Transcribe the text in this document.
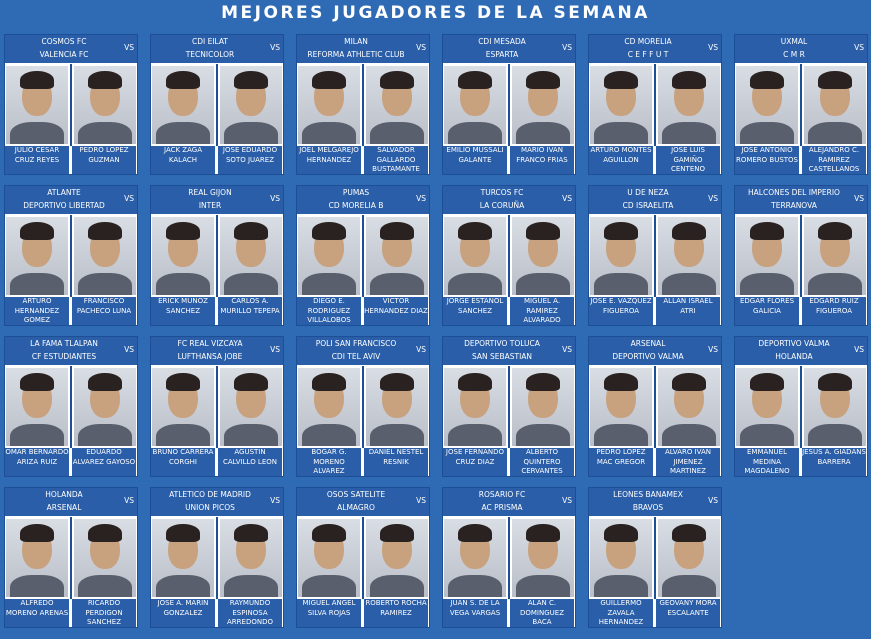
MEJORES JUGADORES DE LA SEMANA
COSMOS FC
VALENCIA FC
VS
JULIO CESAR CRUZ REYES
PEDRO LOPEZ GUZMAN
CDI EILAT
TECNICOLOR
VS
JACK ZAGA KALACH
JOSE EDUARDO SOTO JUAREZ
MILAN
REFORMA ATHLETIC CLUB
VS
JOEL MELGAREJO HERNANDEZ
SALVADOR GALLARDO BUSTAMANTE
CDI MESADA
ESPARTA
VS
EMILIO MUSSALI GALANTE
MARIO IVAN FRANCO FRIAS
CD MORELIA
C E F F U T
VS
ARTURO MONTES AGUILLON
JOSE LUIS GAMIÑO CENTENO
UXMAL
C M R
VS
JOSE ANTONIO ROMERO BUSTOS
ALEJANDRO C. RAMIREZ CASTELLANOS
ATLANTE
DEPORTIVO LIBERTAD
VS
ARTURO HERNANDEZ GOMEZ
FRANCISCO PACHECO LUNA
REAL GIJON
INTER
VS
ERICK MUÑOZ SANCHEZ
CARLOS A. MURILLO TEPEPA
PUMAS
CD MORELIA B
VS
DIEGO E. RODRIGUEZ VILLALOBOS
VICTOR HERNANDEZ DIAZ
TURCOS FC
LA CORUÑA
VS
JORGE ESTAÑOL SANCHEZ
MIGUEL A. RAMIREZ ALVARADO
U DE NEZA
CD ISRAELITA
VS
JOSE E. VAZQUEZ FIGUEROA
ALLAN ISRAEL ATRI
HALCONES DEL IMPERIO
TERRANOVA
VS
EDGAR FLORES GALICIA
EDGARD RUIZ FIGUEROA
LA FAMA TLALPAN
CF ESTUDIANTES
VS
OMAR BERNARDO ARIZA RUIZ
EDUARDO ALVAREZ GAYOSO
FC REAL VIZCAYA
LUFTHANSA JOBE
VS
BRUNO CARRERA CORGHI
AGUSTIN CALVILLO LEON
POLI SAN FRANCISCO
CDI TEL AVIV
VS
BOGAR G. MORENO ALVAREZ
DANIEL NESTEL RESNIK
DEPORTIVO TOLUCA
SAN SEBASTIAN
VS
JOSE FERNANDO CRUZ DIAZ
ALBERTO QUINTERO CERVANTES
ARSENAL
DEPORTIVO VALMA
VS
PEDRO LOPEZ MAC GREGOR
ALVARO IVAN JIMENEZ MARTINEZ
DEPORTIVO VALMA
HOLANDA
VS
EMMANUEL MEDINA MAGDALENO
JESUS A. GIADANS BARRERA
HOLANDA
ARSENAL
VS
ALFREDO MORENO ARENAS
RICARDO PERDIGON SANCHEZ
ATLETICO DE MADRID
UNION PICOS
VS
JOSE A. MARIN GONZALEZ
RAYMUNDO ESPINOSA ARREDONDO
OSOS SATELITE
ALMAGRO
VS
MIGUEL ANGEL SILVA ROJAS
ROBERTO ROCHA RAMIREZ
ROSARIO FC
AC PRISMA
VS
JUAN S. DE LA VEGA VARGAS
ALAN C. DOMINGUEZ BACA
LEONES BANAMEX
BRAVOS
VS
GUILLERMO ZAVALA HERNANDEZ
GEOVANY MORA ESCALANTE
